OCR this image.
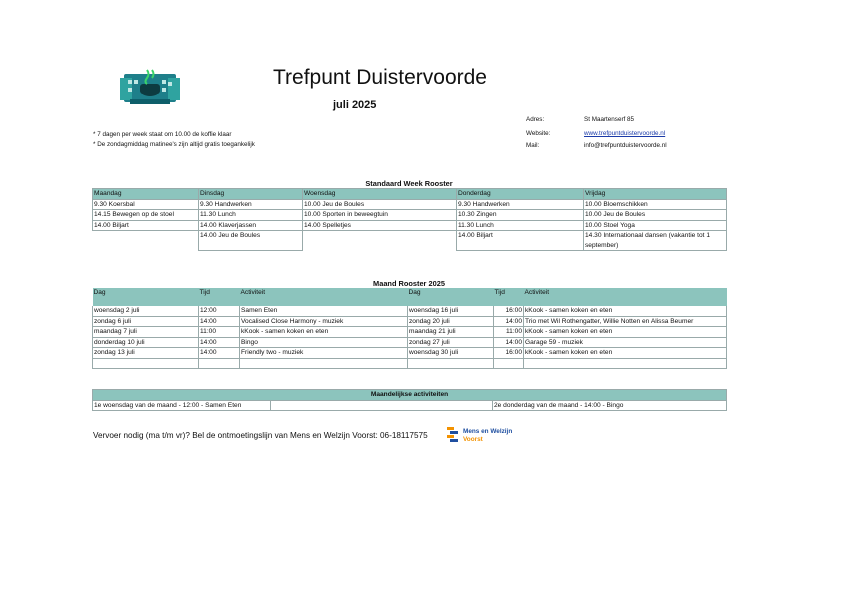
Trefpunt Duistervoorde
juli 2025
* 7 dagen per week staat om 10.00 de koffie klaar
* De zondagmiddag matinee's zijn altijd gratis toegankelijk
Adres:	St Maartenserf 85
Website:	www.trefpuntduistervoorde.nl
Mail:	info@trefpuntduistervoorde.nl
Standaard Week Rooster
Maandag	Dinsdag	Woensdag	Donderdag	Vrijdag
9.30 Koersbal	9.30 Handwerken	10.00 Jeu de Boules	9.30 Handwerken	10.00 Bloemschikken
14.15 Bewegen op de stoel	11.30 Lunch	10.00 Sporten in beweegtuin	10.30 Zingen	10.00 Jeu de Boules
14.00 Biljart	14.00 Klaverjassen	14.00 Spelletjes	11.30 Lunch	10.00 Stoel Yoga
	14.00 Jeu de Boules		14.00 Biljart	14.30 Internationaal dansen (vakantie tot 1 september)
Maand Rooster 2025
Dag	Tijd	Activiteit	Dag	Tijd	Activiteit
woensdag 2 juli	12:00	Samen Eten	woensdag 16 juli	16:00	kKook - samen koken en eten
zondag 6 juli	14:00	Vocalised Close Harmony - muziek	zondag 20 juli	14:00	Trio met Wil Rothengatter, Willie Notten en Alissa Beumer
maandag 7 juli	11:00	kKook - samen koken en eten	maandag 21 juli	11:00	kKook - samen koken en eten
donderdag 10 juli	14:00	Bingo	zondag 27 juli	14:00	Garage 59 - muziek
zondag 13 juli	14:00	Friendly two - muziek	woensdag 30 juli	16:00	kKook - samen koken en eten

Maandelijkse activiteiten
1e woensdag van de maand - 12:00 - Samen Eten		2e donderdag van de maand - 14:00 - Bingo
Vervoer nodig (ma t/m vr)? Bel de ontmoetingslijn van Mens en Welzijn Voorst: 06-18117575	Mens en Welzijn
Voorst
